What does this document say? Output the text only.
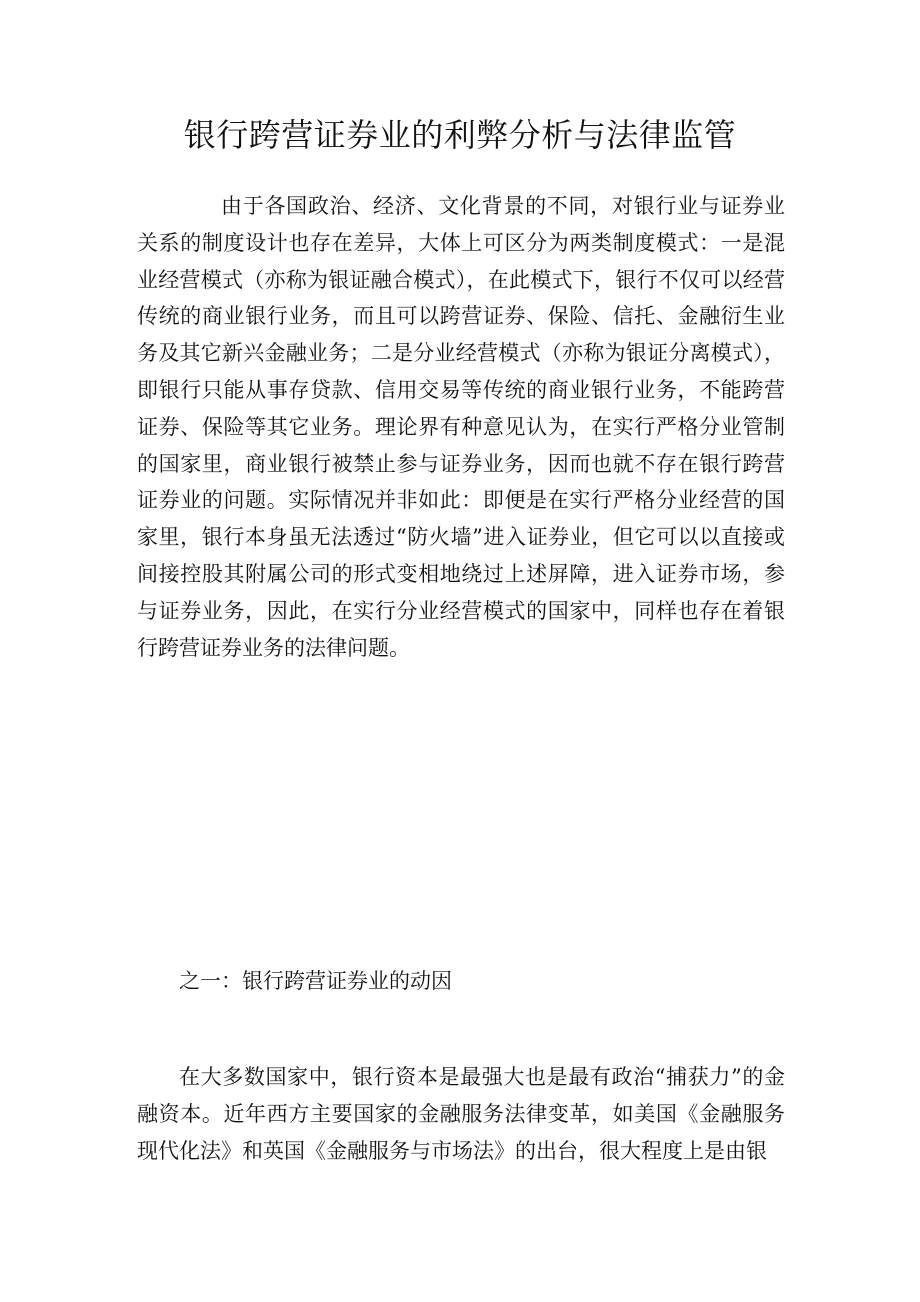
银行跨营证券业的利弊分析与法律监管

由于各国政治、经济、文化背景的不同，对银行业与证券业关系的制度设计也存在差异，大体上可区分为两类制度模式：一是混业经营模式（亦称为银证融合模式），在此模式下，银行不仅可以经营传统的商业银行业务，而且可以跨营证券、保险、信托、金融衍生业务及其它新兴金融业务；二是分业经营模式（亦称为银证分离模式），即银行只能从事存贷款、信用交易等传统的商业银行业务，不能跨营证券、保险等其它业务。理论界有种意见认为，在实行严格分业管制的国家里，商业银行被禁止参与证券业务，因而也就不存在银行跨营证券业的问题。实际情况并非如此：即便是在实行严格分业经营的国家里，银行本身虽无法透过“防火墙”进入证券业，但它可以以直接或间接控股其附属公司的形式变相地绕过上述屏障，进入证券市场，参与证券业务，因此，在实行分业经营模式的国家中，同样也存在着银行跨营证券业务的法律问题。

之一：银行跨营证券业的动因

在大多数国家中，银行资本是最强大也是最有政治“捕获力”的金融资本。近年西方主要国家的金融服务法律变革，如美国《金融服务现代化法》和英国《金融服务与市场法》的出台，很大程度上是由银
